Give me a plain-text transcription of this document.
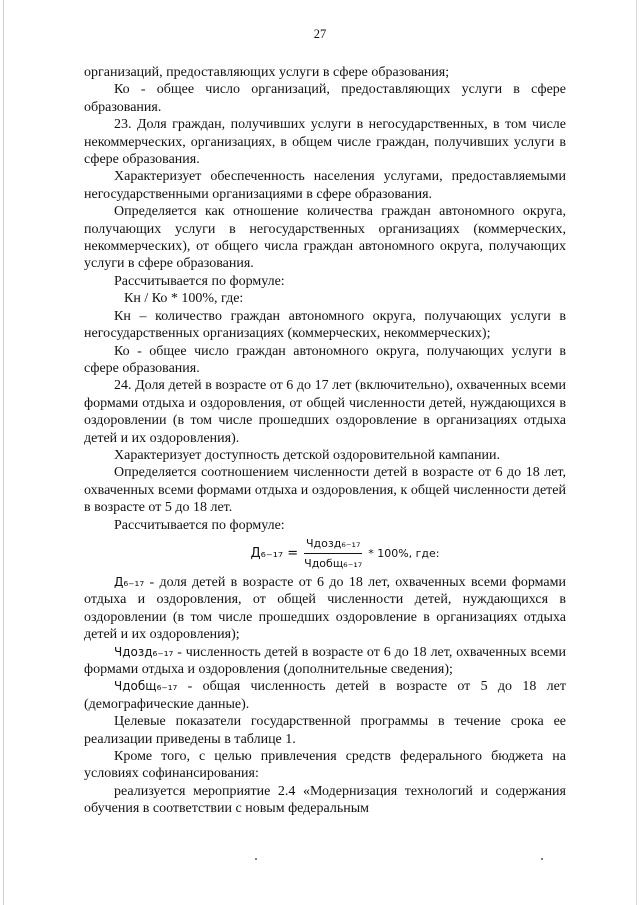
27

организаций, предоставляющих услуги в сфере образования;

Ко - общее число организаций, предоставляющих услуги в сфере образования.

23. Доля граждан, получивших услуги в негосударственных, в том числе некоммерческих, организациях, в общем числе граждан, получивших услуги в сфере образования.

Характеризует обеспеченность населения услугами, предоставляемыми негосударственными организациями в сфере образования.

Определяется как отношение количества граждан автономного округа, получающих услуги в негосударственных организациях (коммерческих, некоммерческих), от общего числа граждан автономного округа, получающих услуги в сфере образования.

Рассчитывается по формуле:

Кн / Ко * 100%, где:

Кн – количество граждан автономного округа, получающих услуги в негосударственных организациях (коммерческих, некоммерческих);

Ко - общее число граждан автономного округа, получающих услуги в сфере образования.

24. Доля детей в возрасте от 6 до 17 лет (включительно), охваченных всеми формами отдыха и оздоровления, от общей численности детей, нуждающихся в оздоровлении (в том числе прошедших оздоровление в организациях отдыха детей и их оздоровления).

Характеризует доступность детской оздоровительной кампании.

Определяется соотношением численности детей в возрасте от 6 до 18 лет, охваченных всеми формами отдыха и оздоровления, к общей численности детей в возрасте от 5 до 18 лет.

Рассчитывается по формуле:

$Д_{6-17} = \frac{\text{Чдозд₆₋₁₇}}{\text{Чдобщ₆₋₁₇}} * 100\%$, где:

Д₆₋₁₇ - доля детей в возрасте от 6 до 18 лет, охваченных всеми формами отдыха и оздоровления, от общей численности детей, нуждающихся в оздоровлении (в том числе прошедших оздоровление в организациях отдыха детей и их оздоровления);

Чдозд₆₋₁₇ - численность детей в возрасте от 6 до 18 лет, охваченных всеми формами отдыха и оздоровления (дополнительные сведения);

Чдобщ₆₋₁₇ - общая численность детей в возрасте от 5 до 18 лет (демографические данные).

Целевые показатели государственной программы в течение срока ее реализации приведены в таблице 1.

Кроме того, с целью привлечения средств федерального бюджета на условиях софинансирования:

реализуется мероприятие 2.4 «Модернизация технологий и содержания обучения в соответствии с новым федеральным
